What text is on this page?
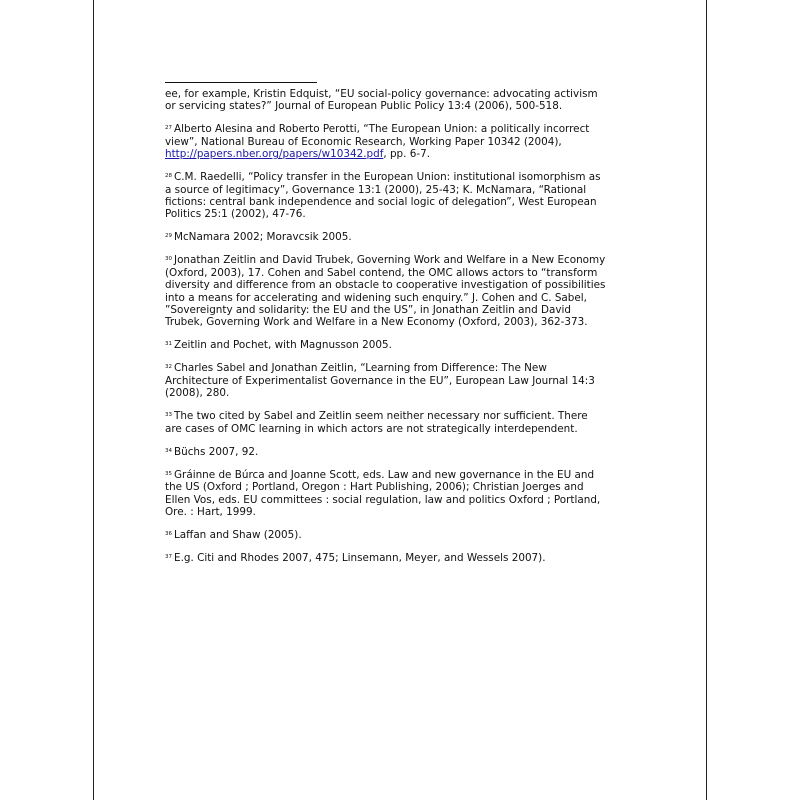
ee, for example, Kristin Edquist, “EU social-policy governance: advocating activism
or servicing states?” Journal of European Public Policy 13:4 (2006), 500-518.
$^{27}$ Alberto Alesina and Roberto Perotti, “The European Union: a politically incorrect
view”, National Bureau of Economic Research, Working Paper 10342 (2004),
http://papers.nber.org/papers/w10342.pdf, pp. 6-7.
$^{28}$ C.M. Raedelli, “Policy transfer in the European Union: institutional isomorphism as
a source of legitimacy”, Governance 13:1 (2000), 25-43; K. McNamara, “Rational
fictions: central bank independence and social logic of delegation”, West European
Politics 25:1 (2002), 47-76.
$^{29}$ McNamara 2002; Moravcsik 2005.
$^{30}$ Jonathan Zeitlin and David Trubek, Governing Work and Welfare in a New Economy
(Oxford, 2003), 17. Cohen and Sabel contend, the OMC allows actors to “transform
diversity and difference from an obstacle to cooperative investigation of possibilities
into a means for accelerating and widening such enquiry.” J. Cohen and C. Sabel,
”Sovereignty and solidarity: the EU and the US”, in Jonathan Zeitlin and David
Trubek, Governing Work and Welfare in a New Economy (Oxford, 2003), 362-373.
$^{31}$ Zeitlin and Pochet, with Magnusson 2005.
$^{32}$ Charles Sabel and Jonathan Zeitlin, “Learning from Difference: The New
Architecture of Experimentalist Governance in the EU”, European Law Journal 14:3
(2008), 280.
$^{33}$ The two cited by Sabel and Zeitlin seem neither necessary nor sufficient. There
are cases of OMC learning in which actors are not strategically interdependent.
$^{34}$ Büchs 2007, 92.
$^{35}$ Gráinne de Búrca and Joanne Scott, eds. Law and new governance in the EU and
the US (Oxford ; Portland, Oregon : Hart Publishing, 2006); Christian Joerges and
Ellen Vos, eds. EU committees : social regulation, law and politics Oxford ; Portland,
Ore. : Hart, 1999.
$^{36}$ Laffan and Shaw (2005).
$^{37}$ E.g. Citi and Rhodes 2007, 475; Linsemann, Meyer, and Wessels 2007).
